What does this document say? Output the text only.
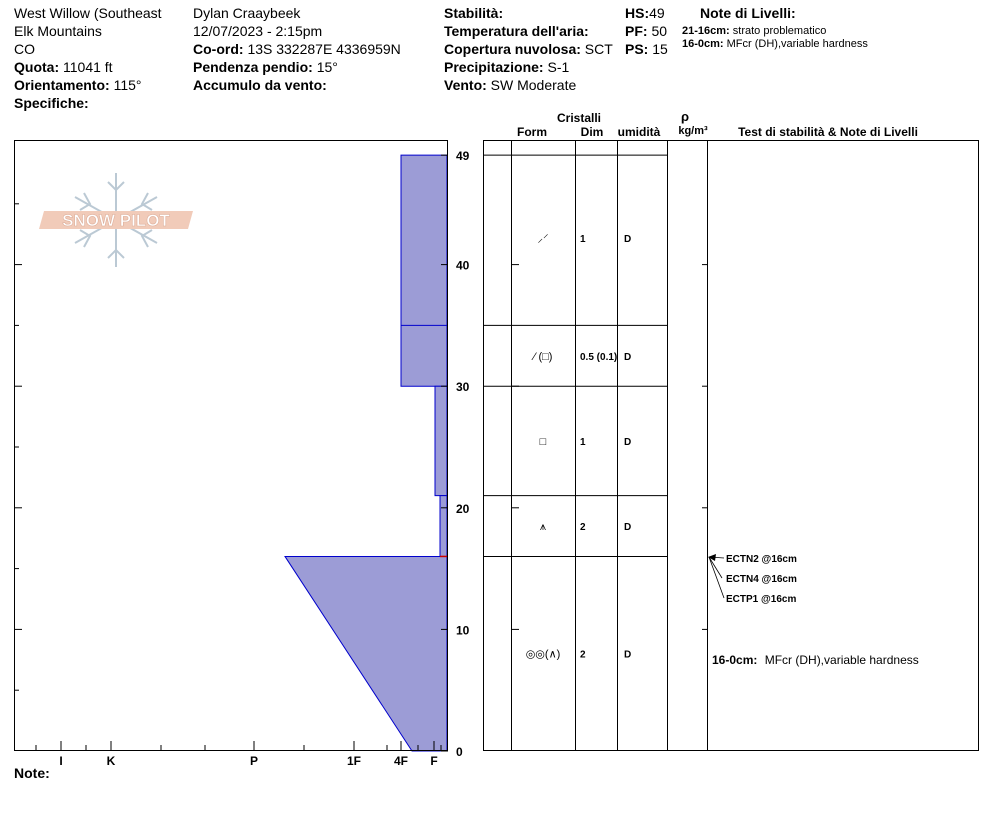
West Willow (Southeast
Elk Mountains
CO
Quota: 11041 ft
Orientamento: 115°
Specifiche:
Dylan Craaybeek
12/07/2023 - 2:15pm
Co-ord: 13S 332287E 4336959N
Pendenza pendio: 15°
Accumulo da vento:
Stabilità:
Temperatura dell'aria:
Copertura nuvolosa: SCT
Precipitazione: S-1
Vento: SW Moderate
HS:49
PF: 50
PS: 15
Note di Livelli:
21-16cm: strato problematico
16-0cm: MFcr (DH),variable hardness
SNOW PILOT
I	K	P	1F	4F F
0
10
20
30
40
49
Cristalli
Form	Dim umidità
ρ
kg/m³	Test di stabilità & Note di Livelli
⸝⸍	1	D
⁄ (□)	0.5 (0.1) D
□	1	D
⩚	2	D
◎◎(∧) 2	D
ECTN2 @16cm
ECTN4 @16cm
ECTP1 @16cm
16-0cm: MFcr (DH),variable hardness
Note:
